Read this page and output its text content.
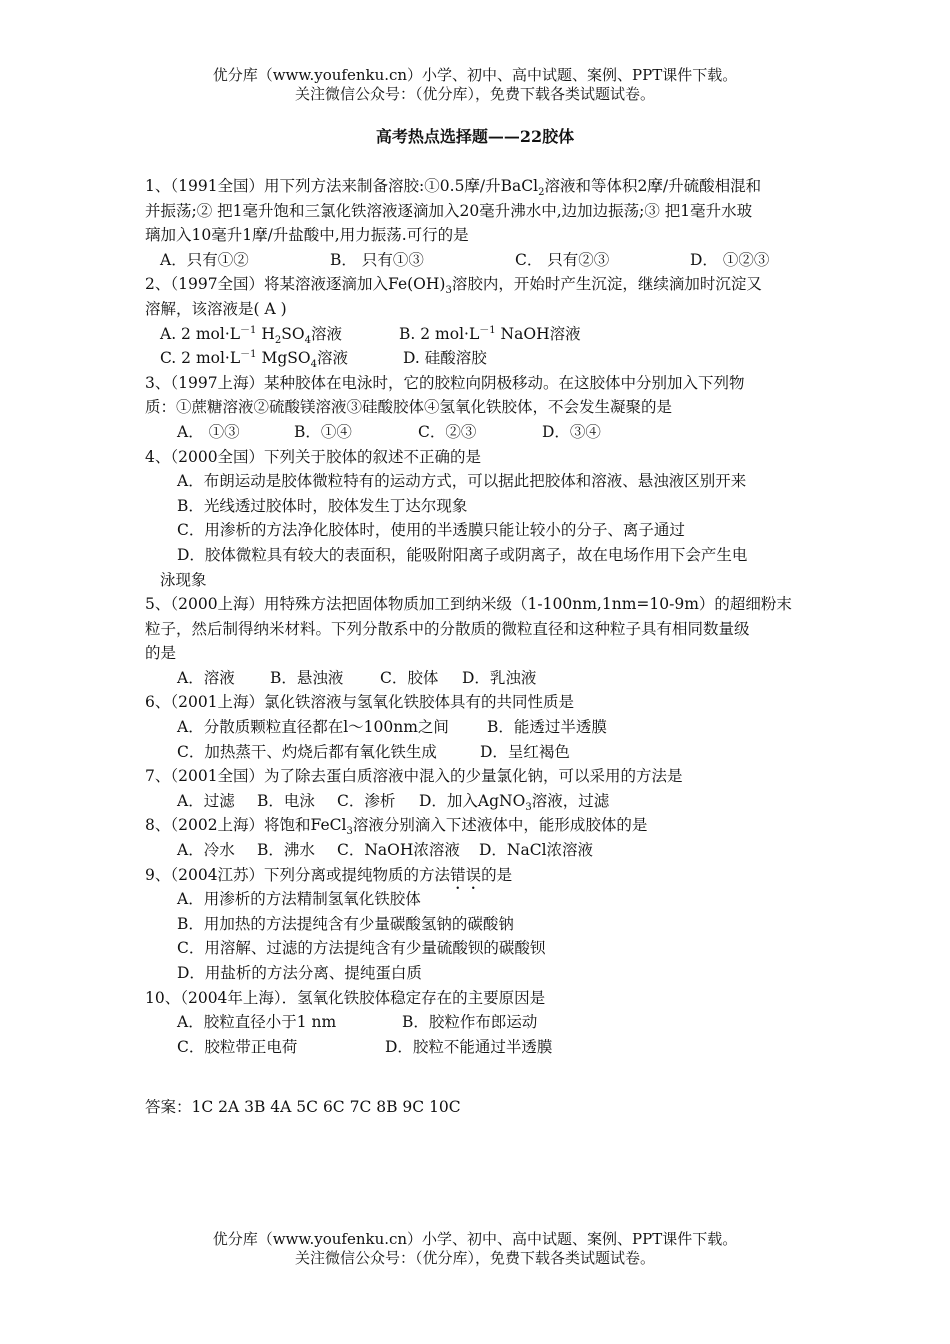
优分库（www.youfenku.cn）小学、初中、高中试题、案例、PPT课件下载。
关注微信公众号：（优分库），免费下载各类试题试卷。
高考热点选择题——22胶体
1、（1991全国）用下列方法来制备溶胶:①0.5摩/升BaCl$_2$溶液和等体积2摩/升硫酸相混和
并振荡;② 把1毫升饱和三氯化铁溶液逐滴加入20毫升沸水中,边加边振荡;③ 把1毫升水玻
璃加入10毫升1摩/升盐酸中,用力振荡.可行的是
A．只有①②	B． 只有①③	C． 只有②③	D． ①②③
2、（1997全国）将某溶液逐滴加入$Fe(OH)_3$溶胶内，开始时产生沉淀，继续滴加时沉淀又
溶解，该溶液是( A )
A. 2 $mol\cdot L^{-1}$ $H_2SO_4$溶液	B. 2 $mol\cdot L^{-1}$ NaOH溶液
C. 2 $mol\cdot L^{-1}$ MgSO$_4$溶液	D. 硅酸溶胶
3、（1997上海）某种胶体在电泳时，它的胶粒向阴极移动。在这胶体中分别加入下列物
质：①蔗糖溶液②硫酸镁溶液③硅酸胶体④氢氧化铁胶体，不会发生凝聚的是
A． ①③	B．①④	C．②③	D．③④
4、（2000全国）下列关于胶体的叙述不正确的是
A．布朗运动是胶体微粒特有的运动方式，可以据此把胶体和溶液、悬浊液区别开来
B．光线透过胶体时，胶体发生丁达尔现象
C．用渗析的方法净化胶体时，使用的半透膜只能让较小的分子、离子通过
D．胶体微粒具有较大的表面积，能吸附阳离子或阴离子，故在电场作用下会产生电
泳现象
5、（2000上海）用特殊方法把固体物质加工到纳米级（1-100nm,1nm=10-9m）的超细粉末
粒子，然后制得纳米材料。下列分散系中的分散质的微粒直径和这种粒子具有相同数量级
的是
A．溶液 B．悬浊液 C．胶体 D．乳浊液
6、（2001上海）氯化铁溶液与氢氧化铁胶体具有的共同性质是
A．分散质颗粒直径都在l～100nm之间 B．能透过半透膜
C．加热蒸干、灼烧后都有氧化铁生成	D．呈红褐色
7、（2001全国）为了除去蛋白质溶液中混入的少量氯化钠，可以采用的方法是
A．过滤 B．电泳 C．渗析 D．加入AgNO$_3$溶液，过滤
8、（2002上海）将饱和FeCl$_3$溶液分别滴入下述液体中，能形成胶体的是
A．冷水 B．沸水 C．NaOH浓溶液 D．NaCl浓溶液
9、（2004江苏）下列分离或提纯物质的方法错误的是
A．用渗析的方法精制氢氧化铁胶体
B．用加热的方法提纯含有少量碳酸氢钠的碳酸钠
C．用溶解、过滤的方法提纯含有少量硫酸钡的碳酸钡
D．用盐析的方法分离、提纯蛋白质
10、（2004年上海）．氢氧化铁胶体稳定存在的主要原因是
A．胶粒直径小于1 nm	B．胶粒作布郎运动
C．胶粒带正电荷	D．胶粒不能通过半透膜
答案：1C 2A 3B 4A 5C 6C 7C 8B 9C 10C
优分库（www.youfenku.cn）小学、初中、高中试题、案例、PPT课件下载。
关注微信公众号：（优分库），免费下载各类试题试卷。
